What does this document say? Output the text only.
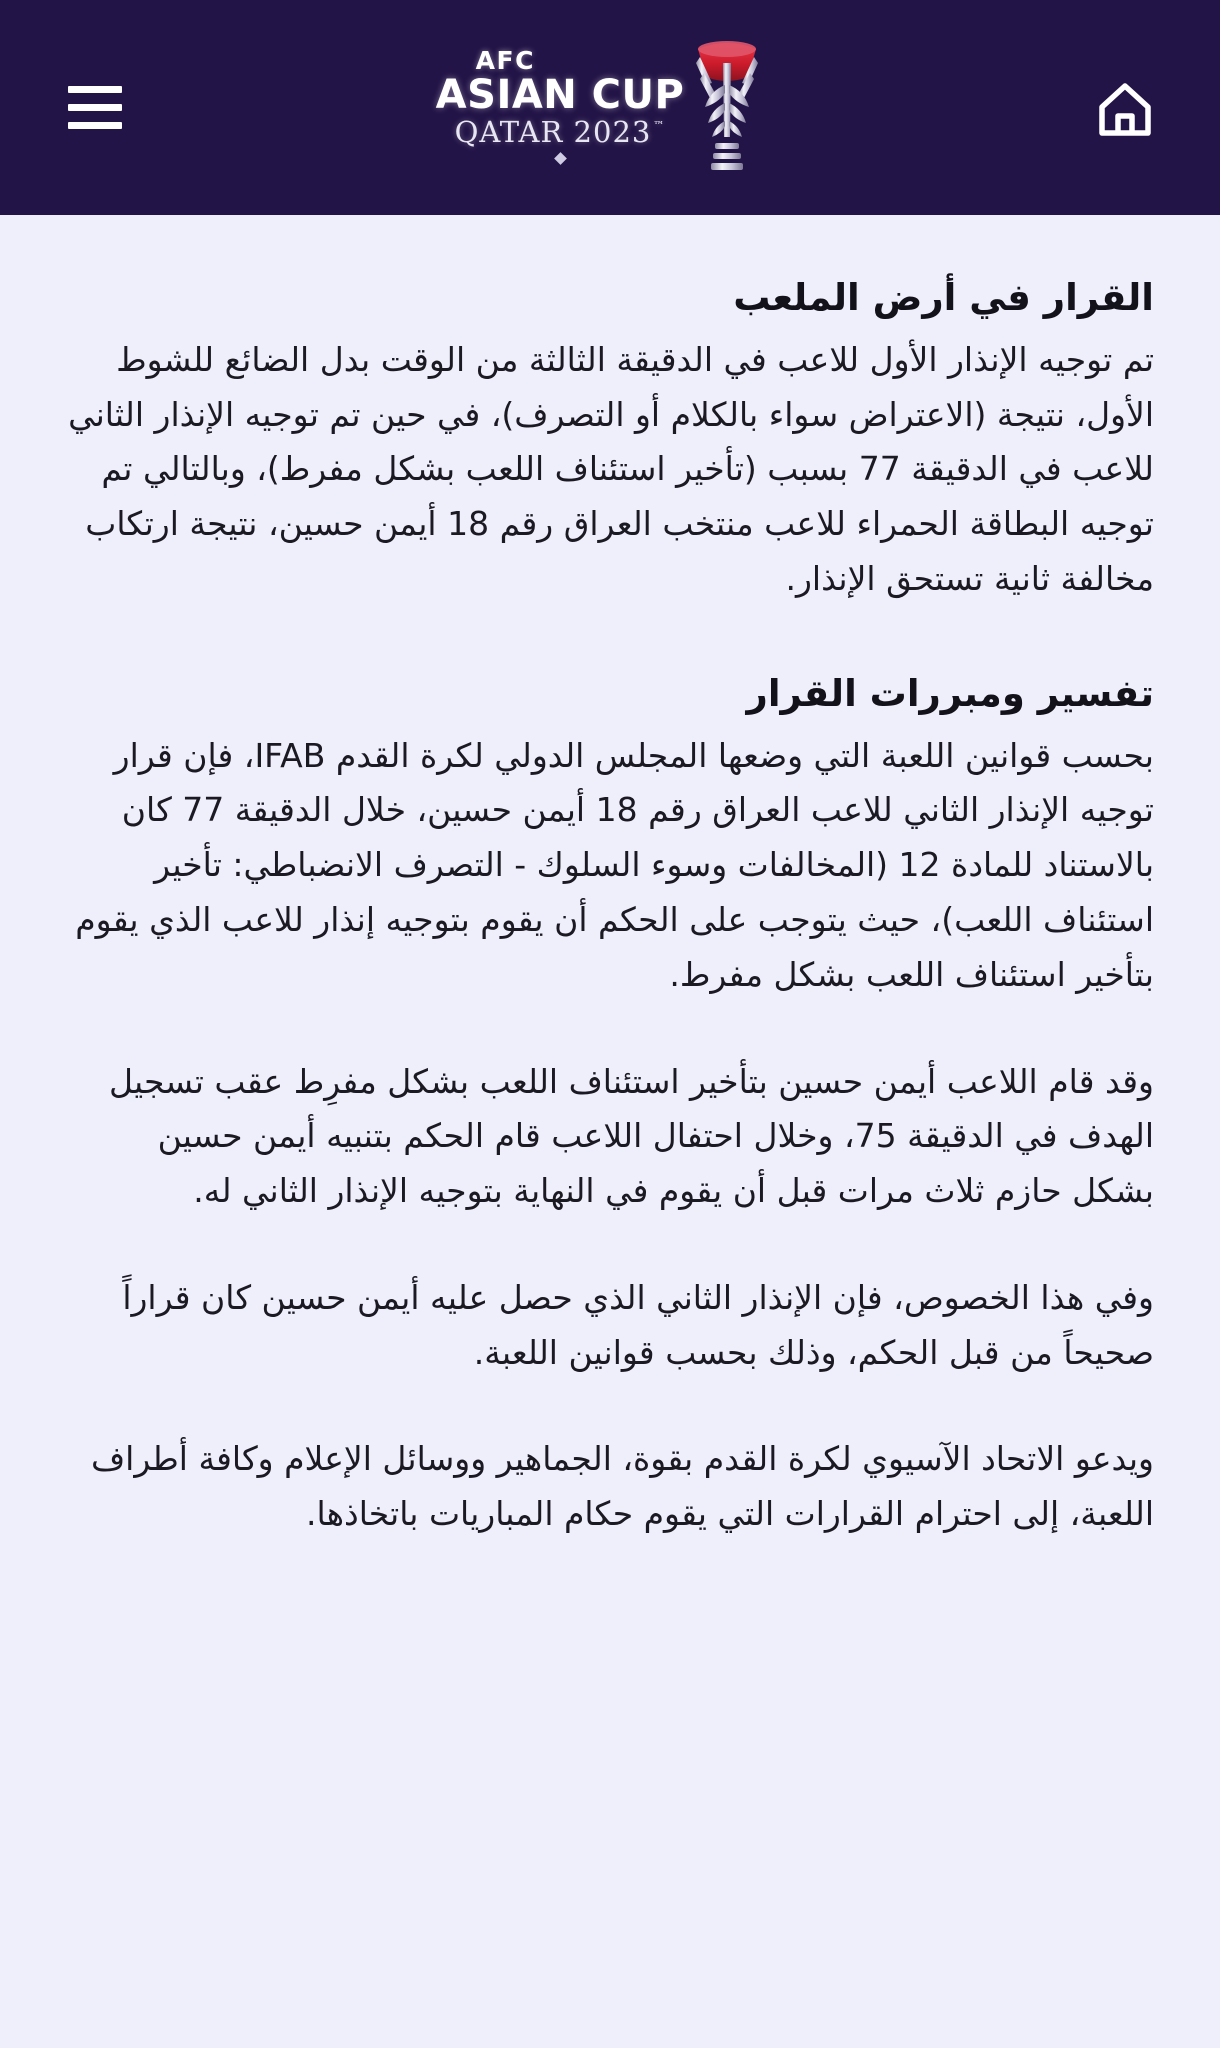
AFC
ASIAN CUP
QATAR 2023 ™
القرار في أرض الملعب

تم توجيه الإنذار الأول للاعب في الدقيقة الثالثة من الوقت بدل الضائع للشوط الأول، نتيجة (الاعتراض سواء بالكلام أو التصرف)، في حين تم توجيه الإنذار الثاني للاعب في الدقيقة 77 بسبب (تأخير استئناف اللعب بشكل مفرط)، وبالتالي تم توجيه البطاقة الحمراء للاعب منتخب العراق رقم 18 أيمن حسين، نتيجة ارتكاب مخالفة ثانية تستحق الإنذار.

تفسير ومبررات القرار

بحسب قوانين اللعبة التي وضعها المجلس الدولي لكرة القدم IFAB، فإن قرار توجيه الإنذار الثاني للاعب العراق رقم 18 أيمن حسين، خلال الدقيقة 77 كان بالاستناد للمادة 12 (المخالفات وسوء السلوك - التصرف الانضباطي: تأخير استئناف اللعب)، حيث يتوجب على الحكم أن يقوم بتوجيه إنذار للاعب الذي يقوم بتأخير استئناف اللعب بشكل مفرط.

وقد قام اللاعب أيمن حسين بتأخير استئناف اللعب بشكل مفرِط عقب تسجيل الهدف في الدقيقة 75، وخلال احتفال اللاعب قام الحكم بتنبيه أيمن حسين بشكل حازم ثلاث مرات قبل أن يقوم في النهاية بتوجيه الإنذار الثاني له.

وفي هذا الخصوص، فإن الإنذار الثاني الذي حصل عليه أيمن حسين كان قراراً صحيحاً من قبل الحكم، وذلك بحسب قوانين اللعبة.

ويدعو الاتحاد الآسيوي لكرة القدم بقوة، الجماهير ووسائل الإعلام وكافة أطراف اللعبة، إلى احترام القرارات التي يقوم حكام المباريات باتخاذها.
